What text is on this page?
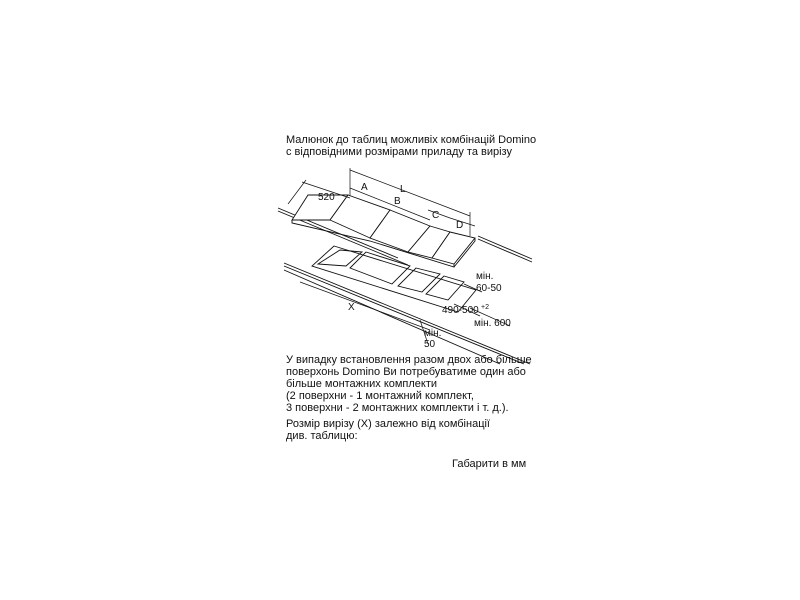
Малюнок до таблиц можливіх комбінацій Domino
с відповідними розмірами приладу та вирізу
520
A	L
B
C
D
X
мін.
60-50
490-500 +2
мін. 600
мін.
50
У випадку встановлення разом двох або більше
поверхонь Domino Ви потребуватиме один або
більше монтажних комплекти
(2 поверхни - 1 монтажний комплект,
3 поверхни - 2 монтажних комплекти і т. д.).
Розмір вирізу (X) залежно від комбінації
див. таблицю:
Габарити в мм
